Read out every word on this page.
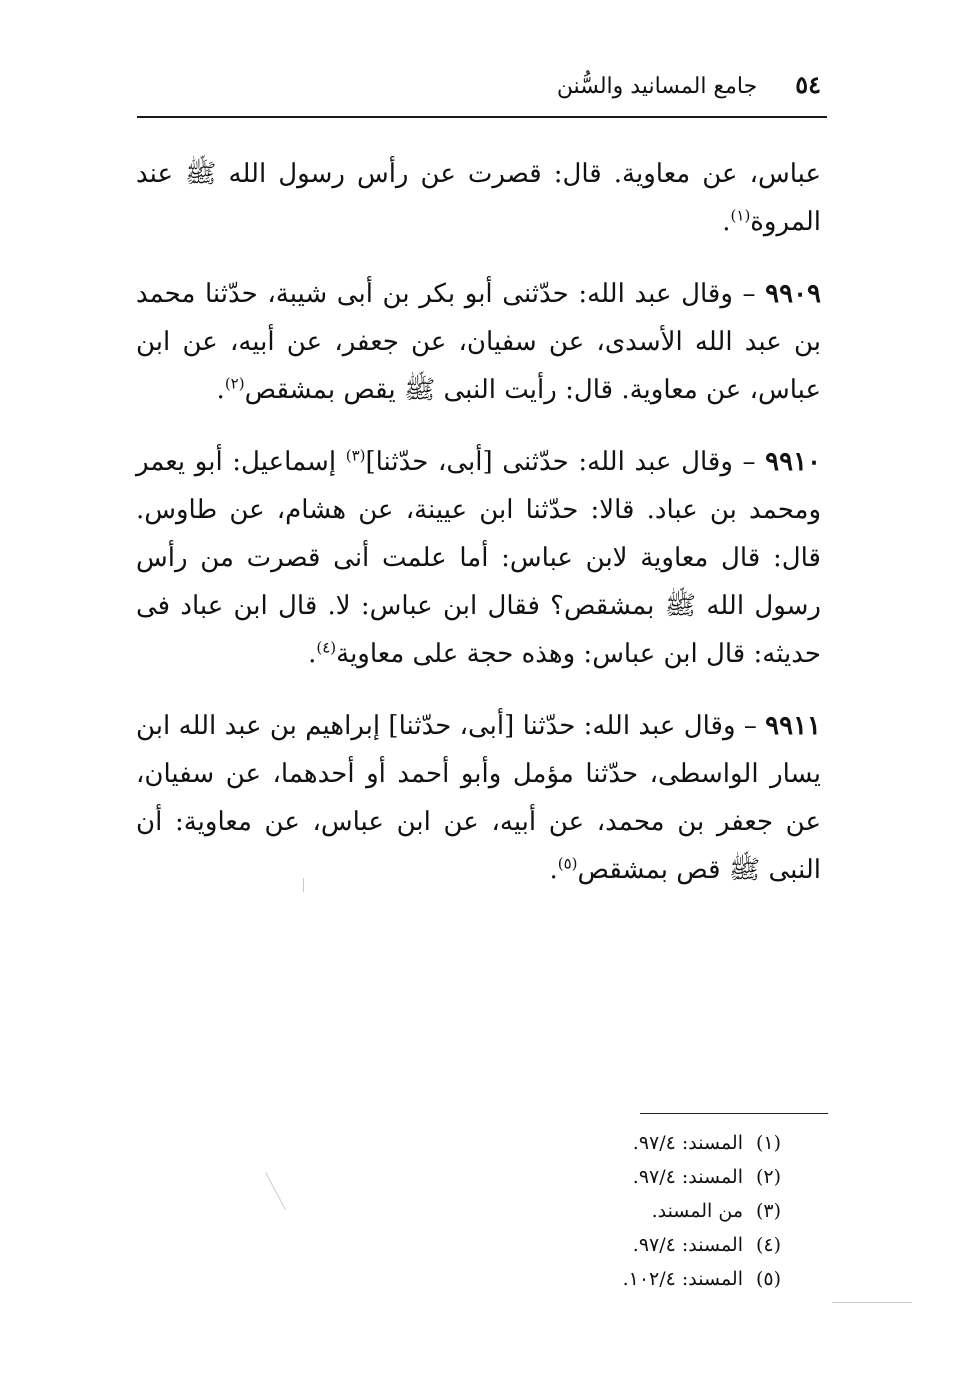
٥٤
جامع المسانيد والسُّنن

عباس، عن معاوية. قال: قصرت عن رأس رسول الله ﷺ عند المروة$^{(١)}$.

٩٩٠٩ – وقال عبد الله: حدّثنى أبو بكر بن أبى شيبة، حدّثنا محمد بن عبد الله الأسدى، عن سفيان، عن جعفر، عن أبيه، عن ابن عباس، عن معاوية. قال: رأيت النبى ﷺ يقص بمشقص$^{(٢)}$.

٩٩١٠ – وقال عبد الله: حدّثنى [أبى، حدّثنا]$^{(٣)}$ إسماعيل: أبو يعمر ومحمد بن عباد. قالا: حدّثنا ابن عيينة، عن هشام، عن طاوس. قال: قال معاوية لابن عباس: أما علمت أنى قصرت من رأس رسول الله ﷺ بمشقص؟ فقال ابن عباس: لا. قال ابن عباد فى حديثه: قال ابن عباس: وهذه حجة على معاوية$^{(٤)}$.

٩٩١١ – وقال عبد الله: حدّثنا [أبى، حدّثنا] إبراهيم بن عبد الله ابن يسار الواسطى، حدّثنا مؤمل وأبو أحمد أو أحدهما، عن سفيان، عن جعفر بن محمد، عن أبيه، عن ابن عباس، عن معاوية: أن النبى ﷺ قص بمشقص$^{(٥)}$.

(١)
المسند: ٩٧/٤.
(٢)
المسند: ٩٧/٤.
(٣)
من المسند.
(٤)
المسند: ٩٧/٤.
(٥)
المسند: ١٠٢/٤.
